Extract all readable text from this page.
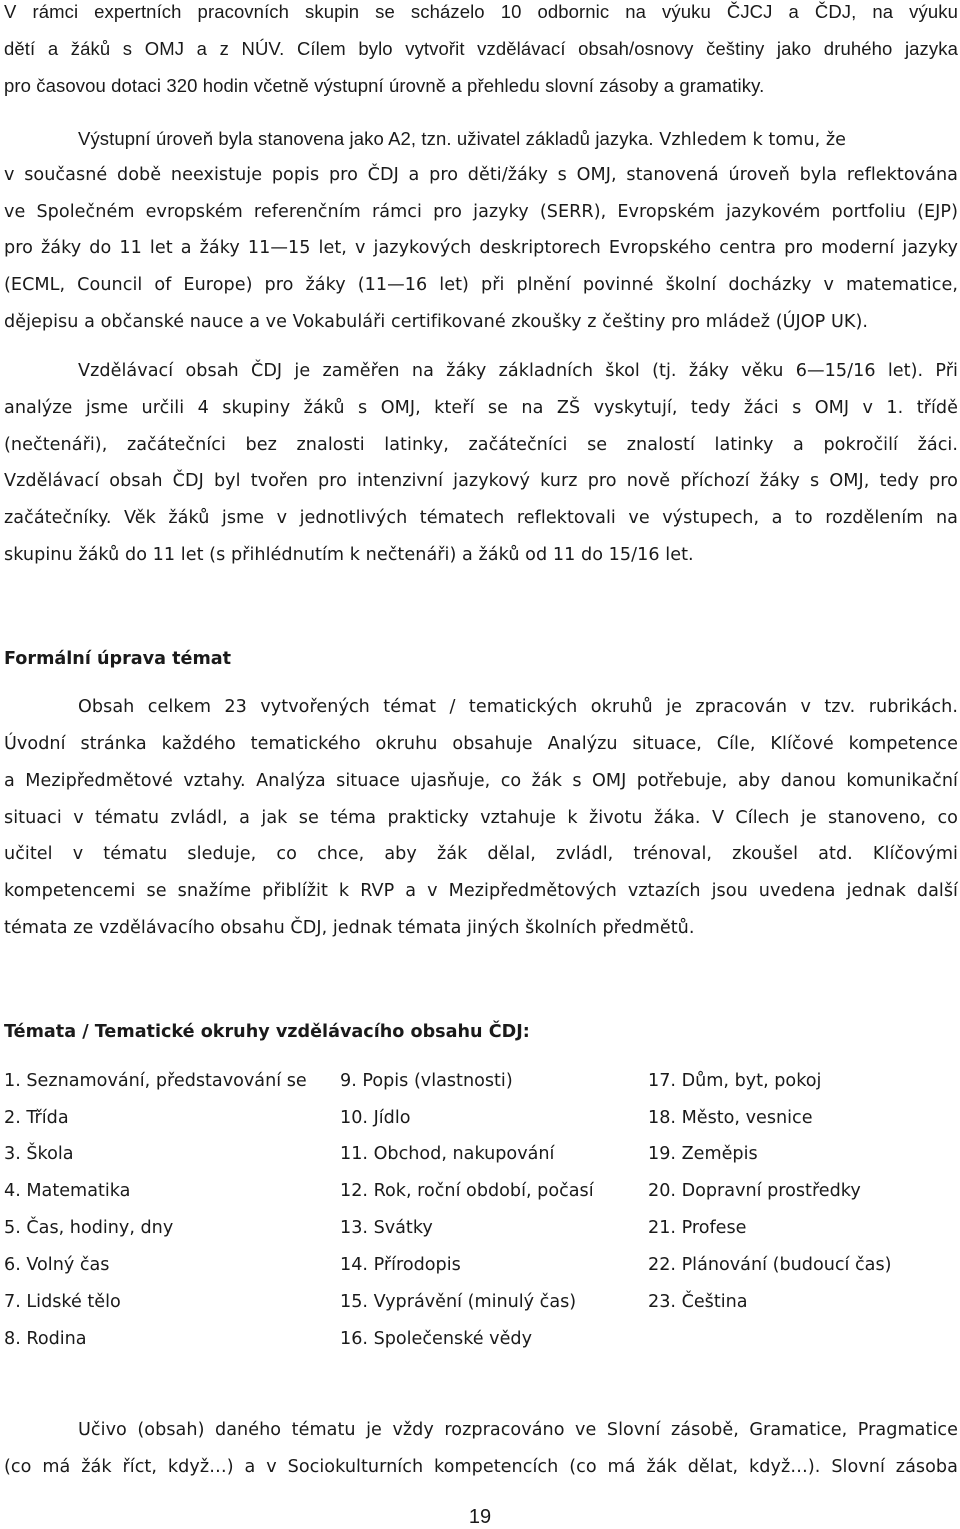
V rámci expertních pracovních skupin se scházelo 10 odbornic na výuku ČJCJ a ČDJ, na výuku
dětí a žáků s OMJ a z NÚV. Cílem bylo vytvořit vzdělávací obsah/osnovy češtiny jako druhého jazyka
pro časovou dotaci 320 hodin včetně výstupní úrovně a přehledu slovní zásoby a gramatiky.
Výstupní úroveň byla stanovena jako A2, tzn. uživatel základů jazyka. Vzhledem k tomu, že
v současné době neexistuje popis pro ČDJ a pro děti/žáky s OMJ, stanovená úroveň byla reflektována
ve Společném evropském referenčním rámci pro jazyky (SERR), Evropském jazykovém portfoliu (EJP)
pro žáky do 11 let a žáky 11—15 let, v jazykových deskriptorech Evropského centra pro moderní jazyky
(ECML, Council of Europe) pro žáky (11—16 let) při plnění povinné školní docházky v matematice,
dějepisu a občanské nauce a ve Vokabuláři certifikované zkoušky z češtiny pro mládež (ÚJOP UK).
Vzdělávací obsah ČDJ je zaměřen na žáky základních škol (tj. žáky věku 6—15/16 let). Při
analýze jsme určili 4 skupiny žáků s OMJ, kteří se na ZŠ vyskytují, tedy žáci s OMJ v 1. třídě
(nečtenáři), začátečníci bez znalosti latinky, začátečníci se znalostí latinky a pokročilí žáci.
Vzdělávací obsah ČDJ byl tvořen pro intenzivní jazykový kurz pro nově příchozí žáky s OMJ, tedy pro
začátečníky. Věk žáků jsme v jednotlivých tématech reflektovali ve výstupech, a to rozdělením na
skupinu žáků do 11 let (s přihlédnutím k nečtenáři) a žáků od 11 do 15/16 let.
Formální úprava témat
Obsah celkem 23 vytvořených témat / tematických okruhů je zpracován v tzv. rubrikách.
Úvodní stránka každého tematického okruhu obsahuje Analýzu situace, Cíle, Klíčové kompetence
a Mezipředmětové vztahy. Analýza situace ujasňuje, co žák s OMJ potřebuje, aby danou komunikační
situaci v tématu zvládl, a jak se téma prakticky vztahuje k životu žáka. V Cílech je stanoveno, co
učitel v tématu sleduje, co chce, aby žák dělal, zvládl, trénoval, zkoušel atd. Klíčovými
kompetencemi se snažíme přiblížit k RVP a v Mezipředmětových vztazích jsou uvedena jednak další
témata ze vzdělávacího obsahu ČDJ, jednak témata jiných školních předmětů.
Témata / Tematické okruhy vzdělávacího obsahu ČDJ:
1. Seznamování, představování se
2. Třída
3. Škola
4. Matematika
5. Čas, hodiny, dny
6. Volný čas
7. Lidské tělo
8. Rodina
9. Popis (vlastnosti)
10. Jídlo
11. Obchod, nakupování
12. Rok, roční období, počasí
13. Svátky
14. Přírodopis
15. Vyprávění (minulý čas)
16. Společenské vědy
17. Dům, byt, pokoj
18. Město, vesnice
19. Zeměpis
20. Dopravní prostředky
21. Profese
22. Plánování (budoucí čas)
23. Čeština
Učivo (obsah) daného tématu je vždy rozpracováno ve Slovní zásobě, Gramatice, Pragmatice
(co má žák říct, když…) a v Sociokulturních kompetencích (co má žák dělat, když…). Slovní zásoba
19
